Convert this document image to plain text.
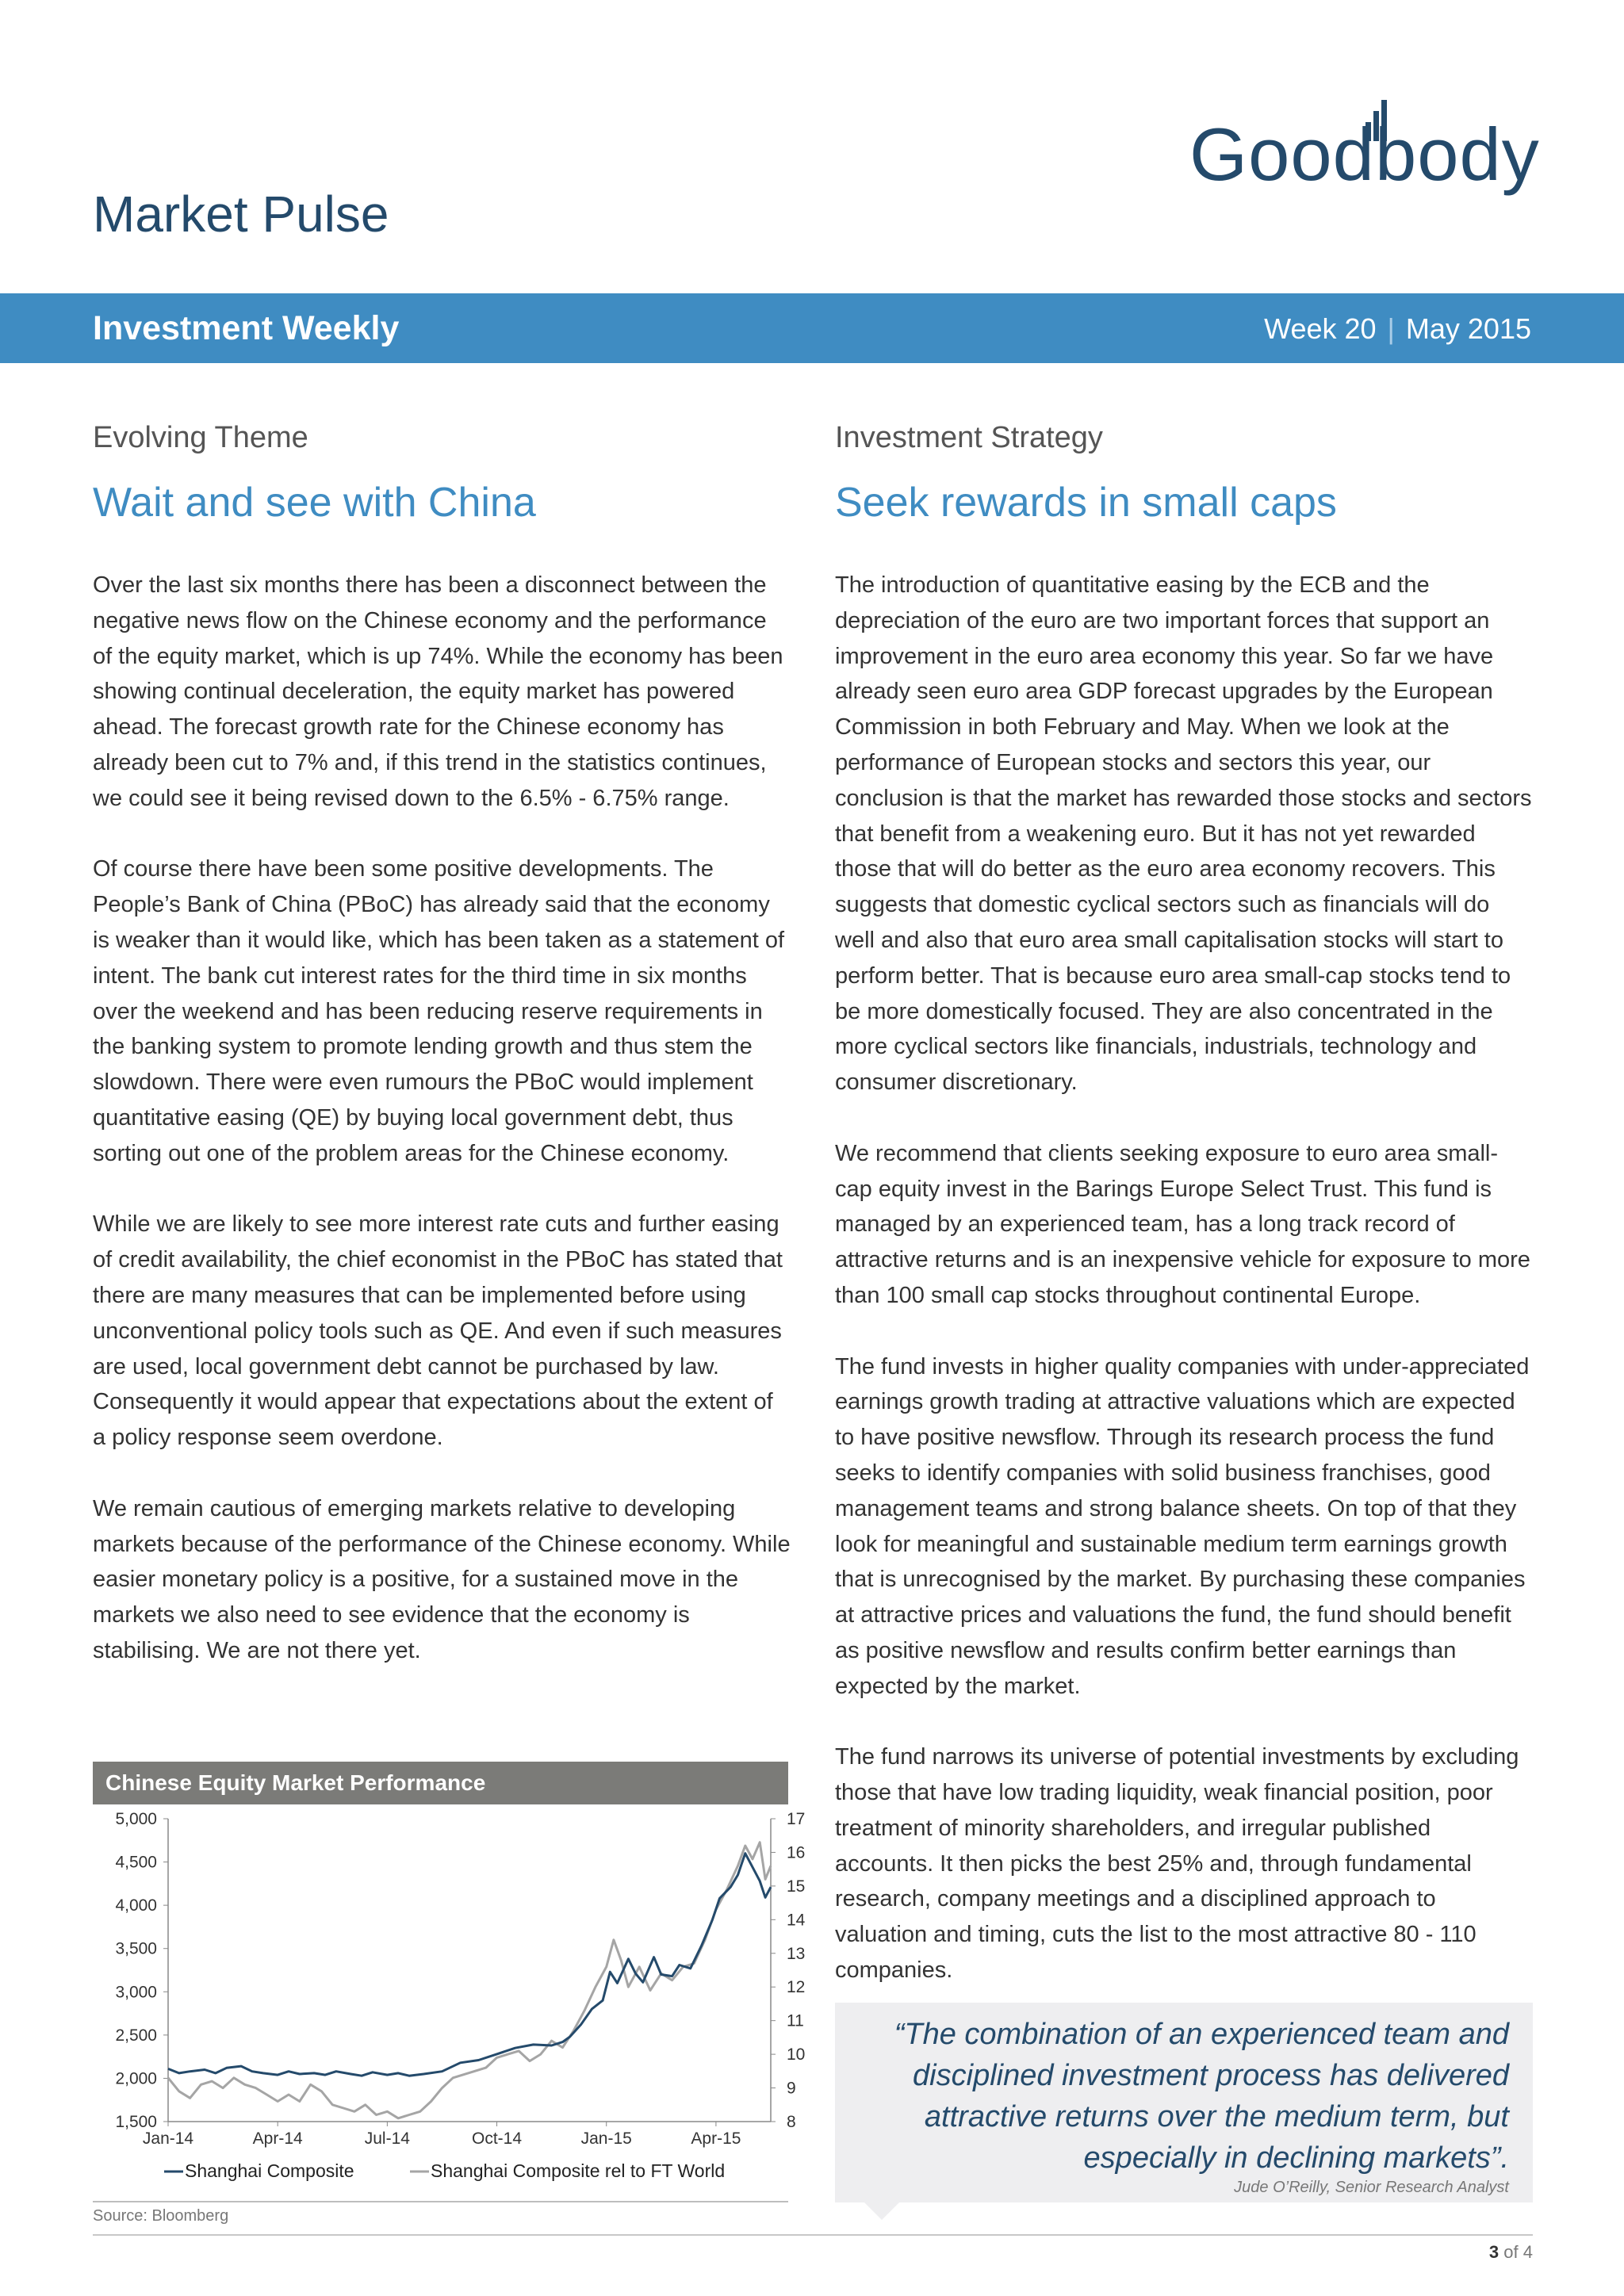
Goodbody
Market Pulse
Investment Weekly	Week 20 | May 2015
Evolving Theme
Wait and see with China

Over the last six months there has been a disconnect between the negative news flow on the Chinese economy and the performance of the equity market, which is up 74%. While the economy has been showing continual deceleration, the equity market has powered ahead. The forecast growth rate for the Chinese economy has already been cut to 7% and, if this trend in the statistics continues, we could see it being revised down to the 6.5% - 6.75% range.

Of course there have been some positive developments. The People’s Bank of China (PBoC) has already said that the economy is weaker than it would like, which has been taken as a statement of intent. The bank cut interest rates for the third time in six months over the weekend and has been reducing reserve requirements in the banking system to promote lending growth and thus stem the slowdown. There were even rumours the PBoC would implement quantitative easing (QE) by buying local government debt, thus sorting out one of the problem areas for the Chinese economy.

While we are likely to see more interest rate cuts and further easing of credit availability, the chief economist in the PBoC has stated that there are many measures that can be implemented before using unconventional policy tools such as QE. And even if such measures are used, local government debt cannot be purchased by law. Consequently it would appear that expectations about the extent of a policy response seem overdone.

We remain cautious of emerging markets relative to developing markets because of the performance of the Chinese economy. While easier monetary policy is a positive, for a sustained move in the markets we also need to see evidence that the economy is stabilising. We are not there yet.

Investment Strategy
Seek rewards in small caps

The introduction of quantitative easing by the ECB and the depreciation of the euro are two important forces that support an improvement in the euro area economy this year. So far we have already seen euro area GDP forecast upgrades by the European Commission in both February and May. When we look at the performance of European stocks and sectors this year, our conclusion is that the market has rewarded those stocks and sectors that benefit from a weakening euro. But it has not yet rewarded those that will do better as the euro area economy recovers. This suggests that domestic cyclical sectors such as financials will do well and also that euro area small capitalisation stocks will start to perform better. That is because euro area small-cap stocks tend to be more domestically focused. They are also concentrated in the more cyclical sectors like financials, industrials, technology and consumer discretionary.

We recommend that clients seeking exposure to euro area small-cap equity invest in the Barings Europe Select Trust. This fund is managed by an experienced team, has a long track record of attractive returns and is an inexpensive vehicle for exposure to more than 100 small cap stocks throughout continental Europe.

The fund invests in higher quality companies with under-appreciated earnings growth trading at attractive valuations which are expected to have positive newsflow. Through its research process the fund seeks to identify companies with solid business franchises, good management teams and strong balance sheets. On top of that they look for meaningful and sustainable medium term earnings growth that is unrecognised by the market. By purchasing these companies at attractive prices and valuations the fund, the fund should benefit as positive newsflow and results confirm better earnings than expected by the market.

The fund narrows its universe of potential investments by excluding those that have low trading liquidity, weak financial position, poor treatment of minority shareholders, and irregular published accounts. It then picks the best 25% and, through fundamental research, company meetings and a disciplined approach to valuation and timing, cuts the list to the most attractive 80 - 110 companies.

Chinese Equity Market Performance
5,000
4,500
4,000
3,500
3,000
2,500
2,000
1,500
17
16
15
14
13
12
11
10
9
8
Jan-14	Apr-14	Jul-14	Oct-14	Jan-15	Apr-15
Shanghai Composite	Shanghai Composite rel to FT World
Source: Bloomberg
“The combination of an experienced team and disciplined investment process has delivered attractive returns over the medium term, but especially in declining markets”.
Jude O’Reilly, Senior Research Analyst
3 of 4
